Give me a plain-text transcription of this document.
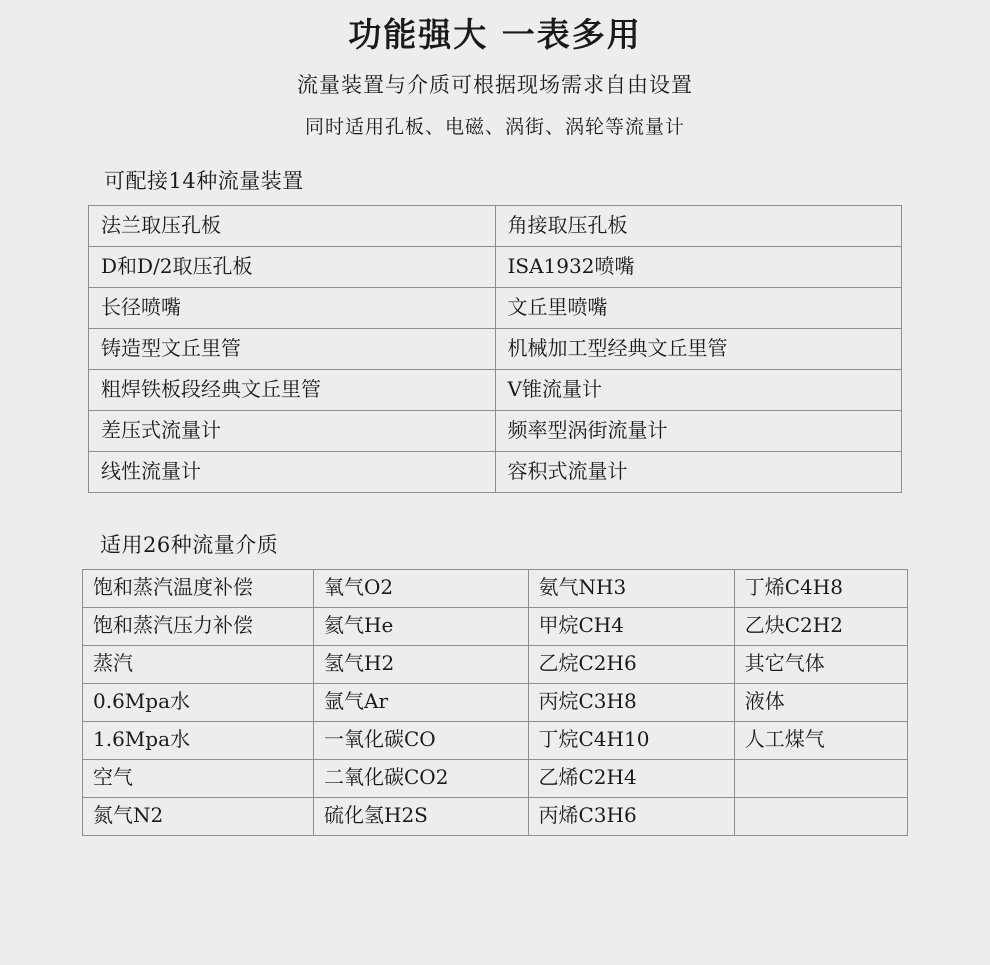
功能强大 一表多用
流量装置与介质可根据现场需求自由设置
同时适用孔板、电磁、涡街、涡轮等流量计
可配接14种流量装置
法兰取压孔板	角接取压孔板
D和D/2取压孔板	ISA1932喷嘴
长径喷嘴	文丘里喷嘴
铸造型文丘里管	机械加工型经典文丘里管
粗焊铁板段经典文丘里管	V锥流量计
差压式流量计	频率型涡街流量计
线性流量计	容积式流量计
适用26种流量介质
饱和蒸汽温度补偿	氧气O2	氨气NH3	丁烯C4H8
饱和蒸汽压力补偿	氦气He	甲烷CH4	乙炔C2H2
蒸汽	氢气H2	乙烷C2H6	其它气体
0.6Mpa水	氩气Ar	丙烷C3H8	液体
1.6Mpa水	一氧化碳CO	丁烷C4H10	人工煤气
空气	二氧化碳CO2	乙烯C2H4	
氮气N2	硫化氢H2S	丙烯C3H6	
